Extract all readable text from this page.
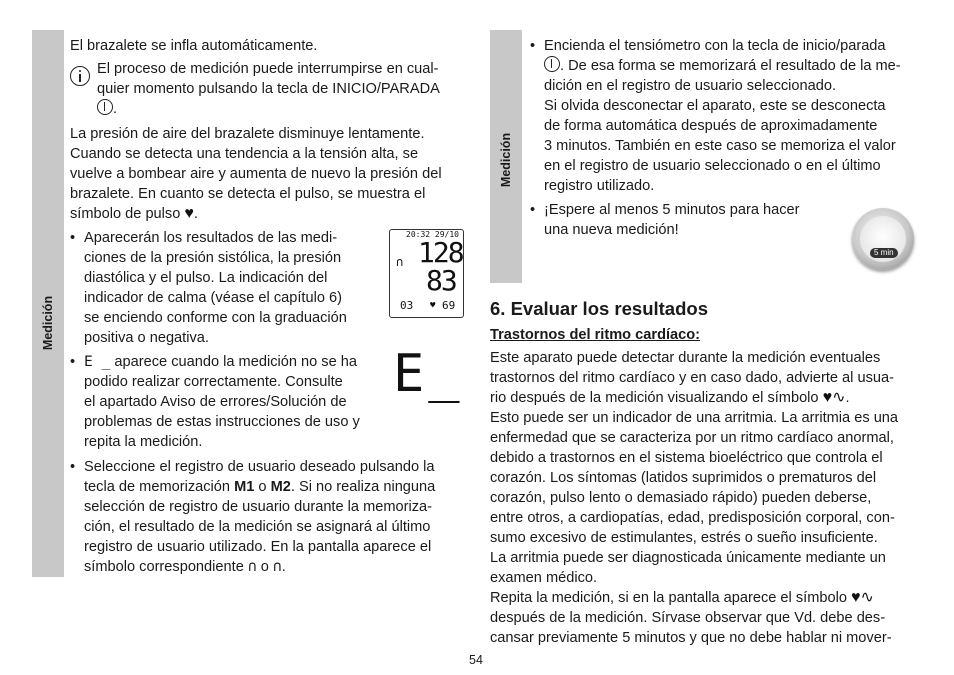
Medición

El brazalete se infla automáticamente.

El proceso de medición puede interrumpirse en cual-

quier momento pulsando la tecla de INICIO/PARADA

.

La presión de aire del brazalete disminuye lentamente.

Cuando se detecta una tendencia a la tensión alta, se

vuelve a bombear aire y aumenta de nuevo la presión del

brazalete. En cuanto se detecta el pulso, se muestra el

símbolo de pulso ♥.

• Aparecerán los resultados de las medi-

ciones de la presión sistólica, la presión

diastólica y el pulso. La indicación del

indicador de calma (véase el capítulo 6)

se enciendo conforme con la graduación

positiva o negativa.

20:32 29/10
∩ 128
83
03 ♥ 69
• E _ aparece cuando la medición no se ha

podido realizar correctamente. Consulte

el apartado Aviso de errores/Solución de

problemas de estas instrucciones de uso y

repita la medición.

E_
• Seleccione el registro de usuario deseado pulsando la

tecla de memorización M1 o M2. Si no realiza ninguna

selección de registro de usuario durante la memoriza-

ción, el resultado de la medición se asignará al último

registro de usuario utilizado. En la pantalla aparece el

símbolo correspondiente ∩ o ∩.

Medición
• Encienda el tensiómetro con la tecla de inicio/parada

. De esa forma se memorizará el resultado de la me-

dición en el registro de usuario seleccionado.

Si olvida desconectar el aparato, este se desconecta

de forma automática después de aproximadamente

3 minutos. También en este caso se memoriza el valor

en el registro de usuario seleccionado o en el último

registro utilizado.

• ¡Espere al menos 5 minutos para hacer

una nueva medición!

5 min
6. Evaluar los resultados
Trastornos del ritmo cardíaco:

Este aparato puede detectar durante la medición eventuales

trastornos del ritmo cardíaco y en caso dado, advierte al usua-

rio después de la medición visualizando el símbolo ♥∿.

Esto puede ser un indicador de una arritmia. La arritmia es una

enfermedad que se caracteriza por un ritmo cardíaco anormal,

debido a trastornos en el sistema bioeléctrico que controla el

corazón. Los síntomas (latidos suprimidos o prematuros del

corazón, pulso lento o demasiado rápido) pueden deberse,

entre otros, a cardiopatías, edad, predisposición corporal, con-

sumo excesivo de estimulantes, estrés o sueño insuficiente.

La arritmia puede ser diagnosticada únicamente mediante un

examen médico.

Repita la medición, si en la pantalla aparece el símbolo ♥∿

después de la medición. Sírvase observar que Vd. debe des-

cansar previamente 5 minutos y que no debe hablar ni mover-

54
